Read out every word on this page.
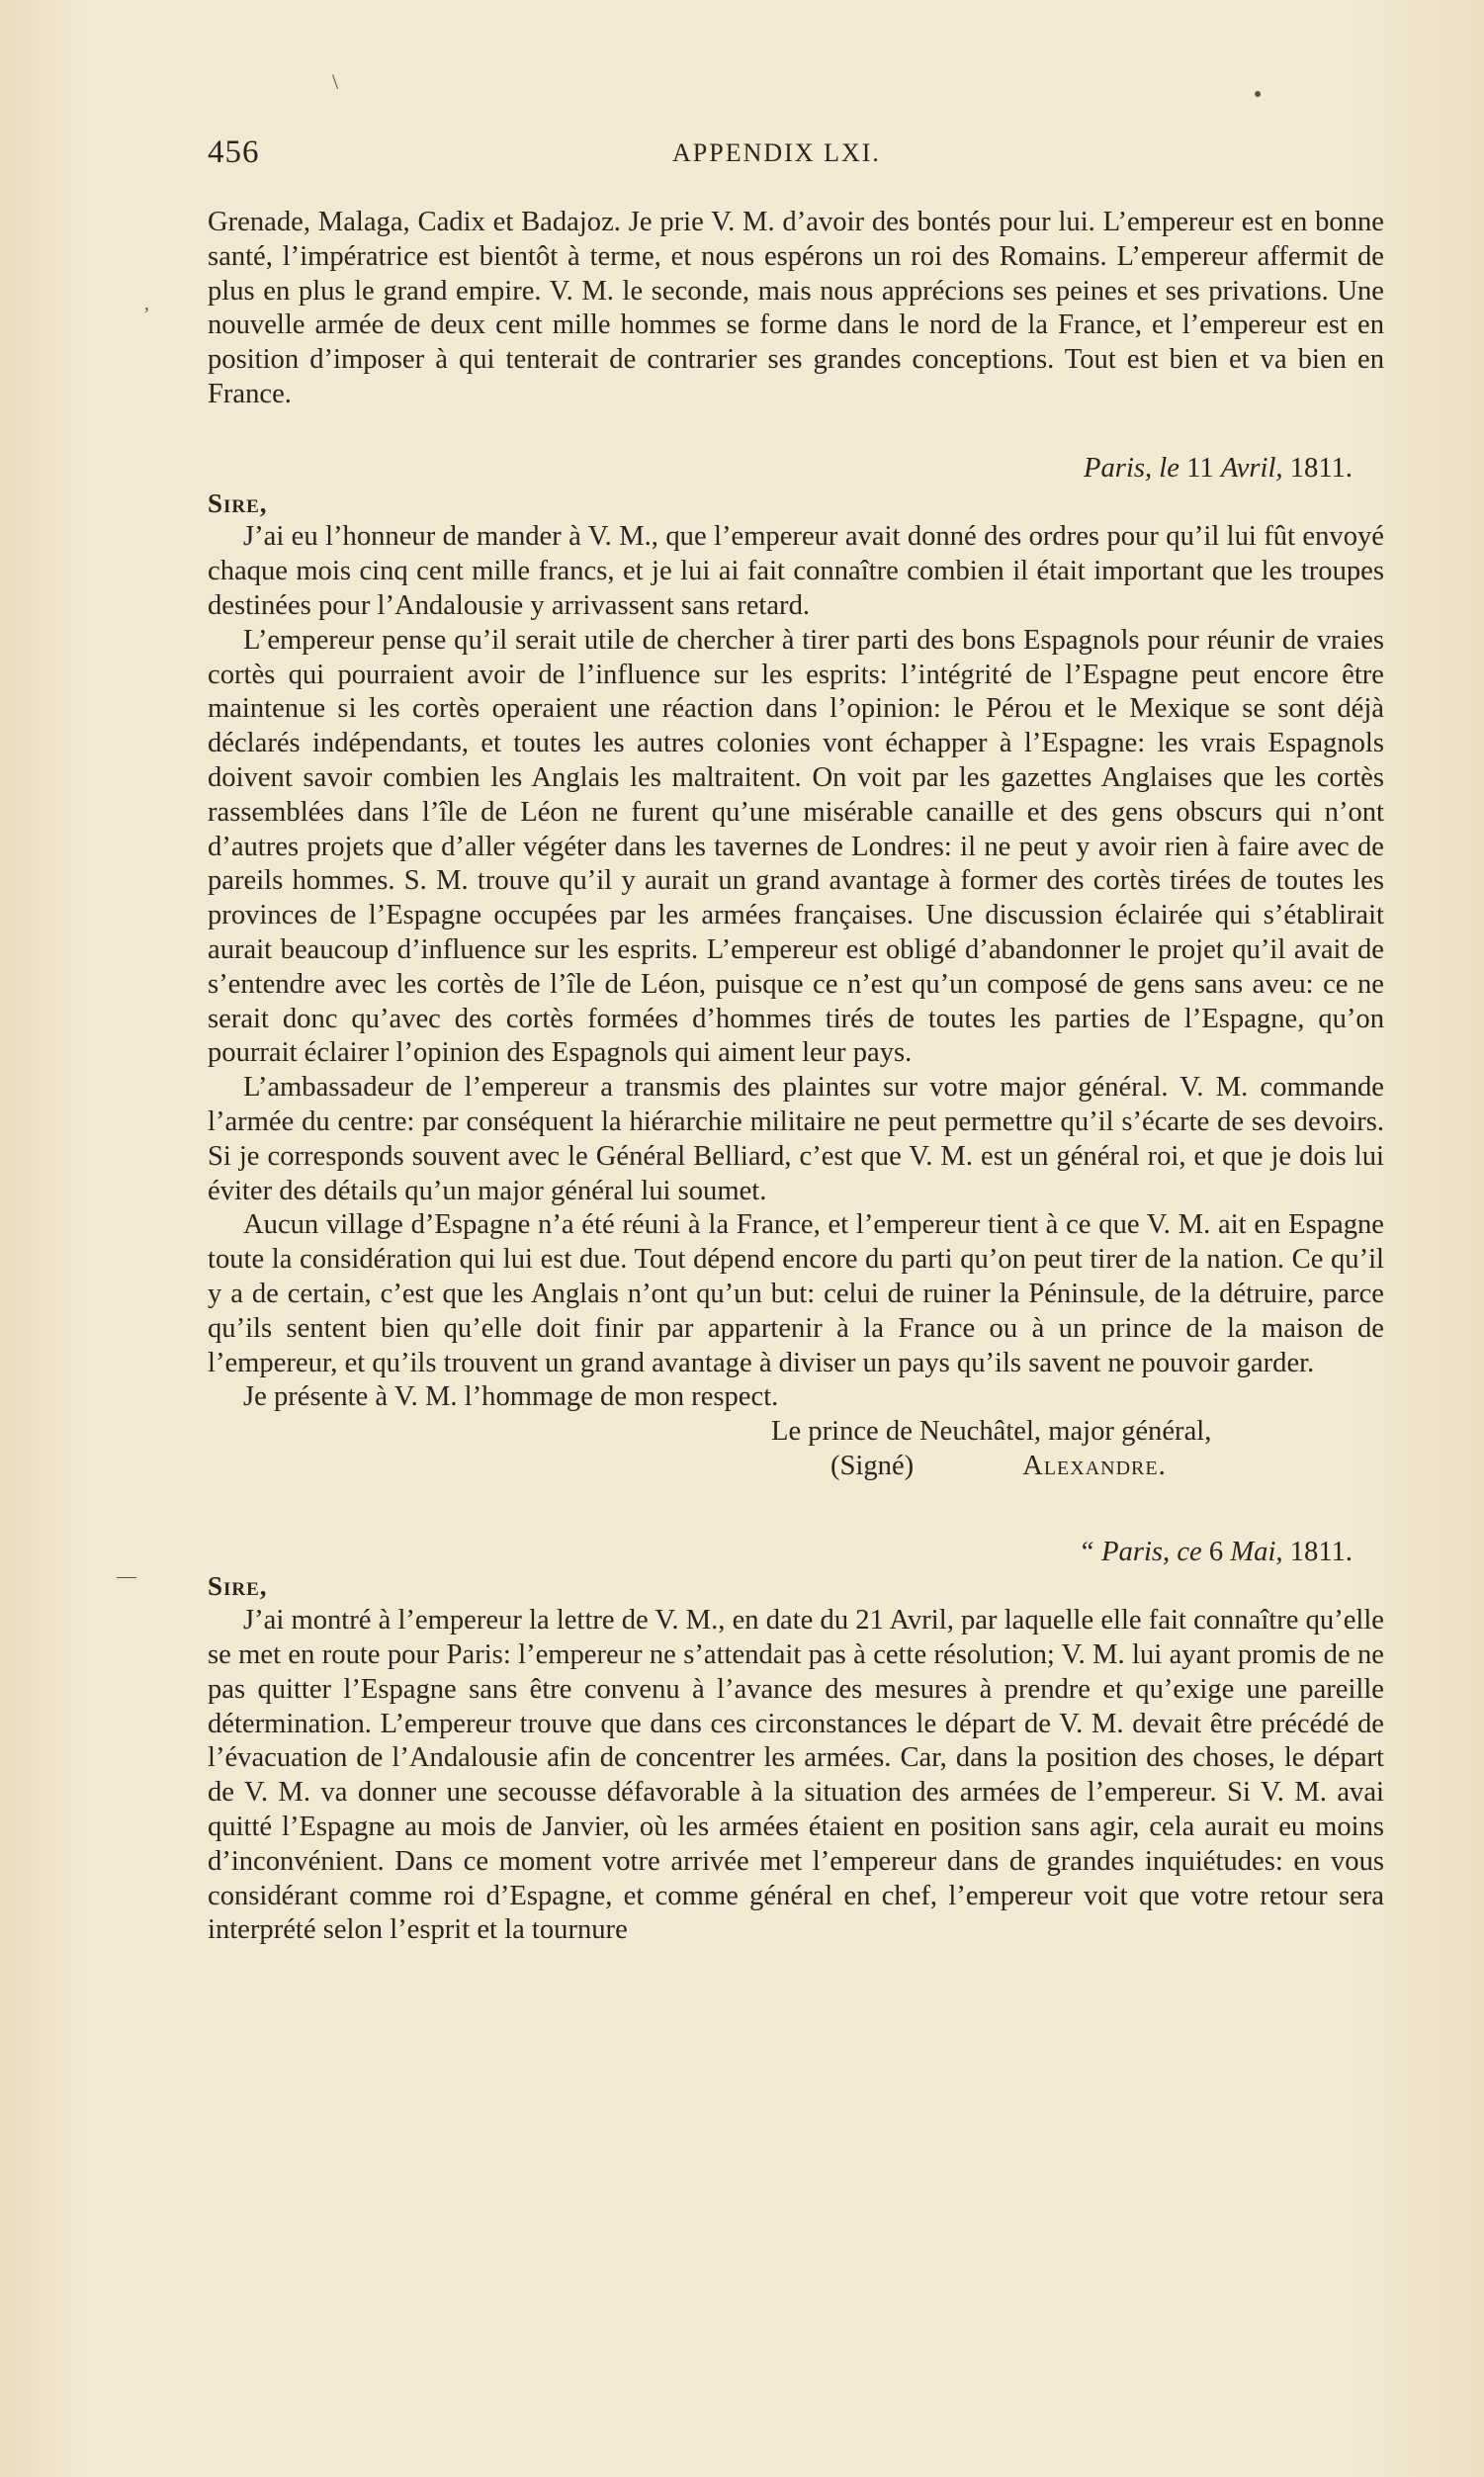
\
●
,
—
456	APPENDIX LXI.

Grenade, Malaga, Cadix et Badajoz. Je prie V. M. d’avoir des bontés pour lui. L’empereur est en bonne santé, l’impératrice est bientôt à terme, et nous espérons un roi des Romains. L’empereur affermit de plus en plus le grand empire. V. M. le seconde, mais nous apprécions ses peines et ses privations. Une nouvelle armée de deux cent mille hommes se forme dans le nord de la France, et l’empereur est en position d’imposer à qui tenterait de contrarier ses grandes conceptions. Tout est bien et va bien en France.

Paris, le 11 Avril, 1811.
Sire,

J’ai eu l’honneur de mander à V. M., que l’empereur avait donné des ordres pour qu’il lui fût envoyé chaque mois cinq cent mille francs, et je lui ai fait connaître combien il était important que les troupes destinées pour l’Andalousie y arrivassent sans retard.

L’empereur pense qu’il serait utile de chercher à tirer parti des bons Espagnols pour réunir de vraies cortès qui pourraient avoir de l’influence sur les esprits: l’intégrité de l’Espagne peut encore être maintenue si les cortès operaient une réaction dans l’opinion: le Pérou et le Mexique se sont déjà déclarés indépendants, et toutes les autres colonies vont échapper à l’Espagne: les vrais Espagnols doivent savoir combien les Anglais les maltraitent. On voit par les gazettes Anglaises que les cortès rassemblées dans l’île de Léon ne furent qu’une misérable canaille et des gens obscurs qui n’ont d’autres projets que d’aller végéter dans les tavernes de Londres: il ne peut y avoir rien à faire avec de pareils hommes. S. M. trouve qu’il y aurait un grand avantage à former des cortès tirées de toutes les provinces de l’Espagne occupées par les armées françaises. Une discussion éclairée qui s’établirait aurait beaucoup d’influence sur les esprits. L’empereur est obligé d’abandonner le projet qu’il avait de s’entendre avec les cortès de l’île de Léon, puisque ce n’est qu’un composé de gens sans aveu: ce ne serait donc qu’avec des cortès formées d’hommes tirés de toutes les parties de l’Espagne, qu’on pourrait éclairer l’opinion des Espagnols qui aiment leur pays.

L’ambassadeur de l’empereur a transmis des plaintes sur votre major général. V. M. commande l’armée du centre: par conséquent la hiérarchie militaire ne peut permettre qu’il s’écarte de ses devoirs. Si je corresponds souvent avec le Général Belliard, c’est que V. M. est un général roi, et que je dois lui éviter des détails qu’un major général lui soumet.

Aucun village d’Espagne n’a été réuni à la France, et l’empereur tient à ce que V. M. ait en Espagne toute la considération qui lui est due. Tout dépend encore du parti qu’on peut tirer de la nation. Ce qu’il y a de certain, c’est que les Anglais n’ont qu’un but: celui de ruiner la Péninsule, de la détruire, parce qu’ils sentent bien qu’elle doit finir par appartenir à la France ou à un prince de la maison de l’empereur, et qu’ils trouvent un grand avantage à diviser un pays qu’ils savent ne pouvoir garder.

Je présente à V. M. l’hommage de mon respect.

Le prince de Neuchâtel, major général,
(Signé)	Alexandre.
“ Paris, ce 6 Mai, 1811.
Sire,

J’ai montré à l’empereur la lettre de V. M., en date du 21 Avril, par laquelle elle fait connaître qu’elle se met en route pour Paris: l’empereur ne s’attendait pas à cette résolution; V. M. lui ayant promis de ne pas quitter l’Espagne sans être convenu à l’avance des mesures à prendre et qu’exige une pareille détermination. L’empereur trouve que dans ces circonstances le départ de V. M. devait être précédé de l’évacuation de l’Andalousie afin de concentrer les armées. Car, dans la position des choses, le départ de V. M. va donner une secousse défavorable à la situation des armées de l’empereur. Si V. M. avai quitté l’Espagne au mois de Janvier, où les armées étaient en position sans agir, cela aurait eu moins d’inconvénient. Dans ce moment votre arrivée met l’empereur dans de grandes inquiétudes: en vous considérant comme roi d’Espagne, et comme général en chef, l’empereur voit que votre retour sera interprété selon l’esprit et la tournure
